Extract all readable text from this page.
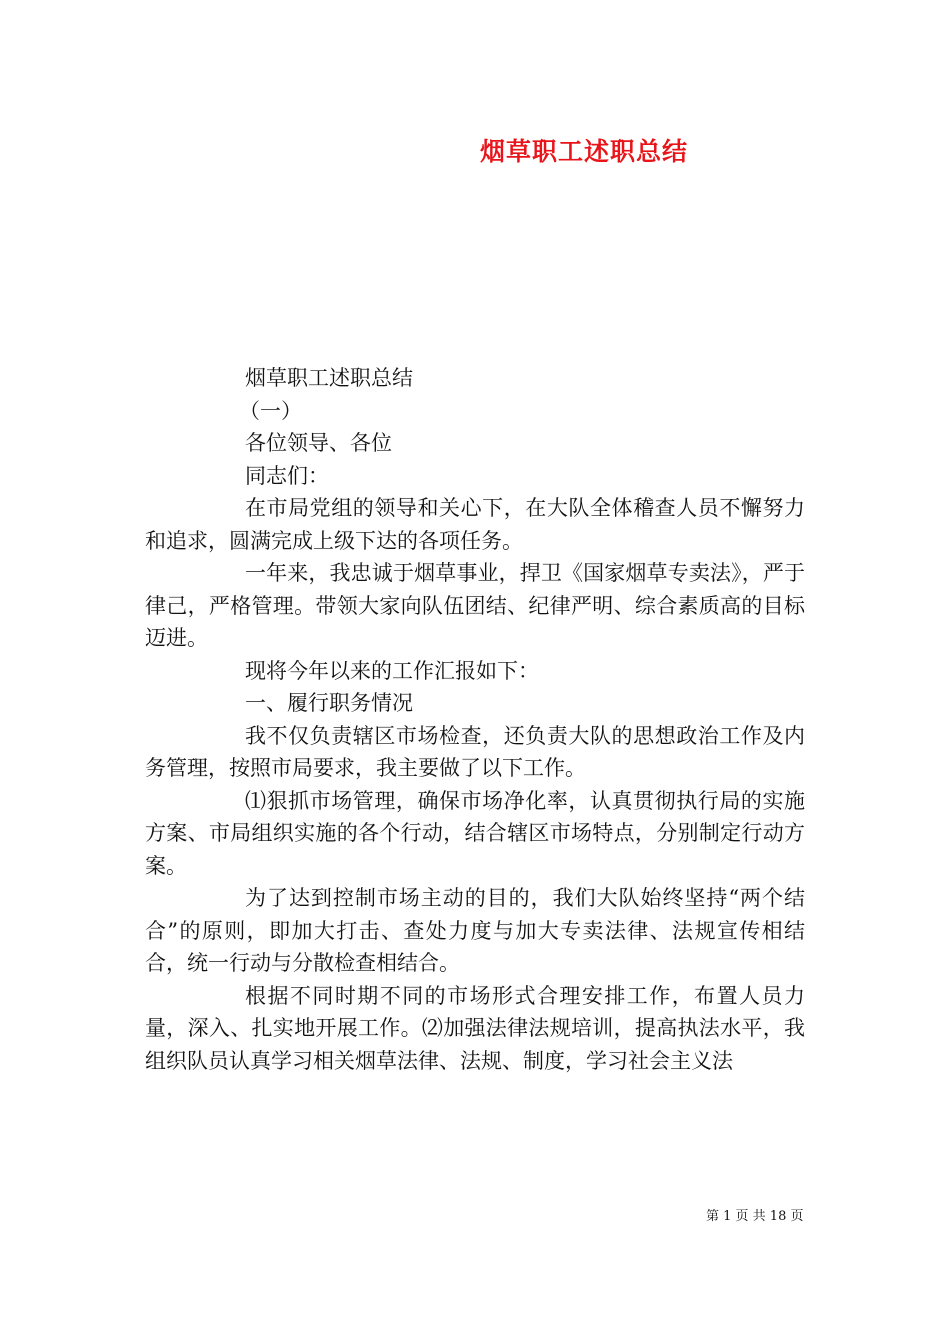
烟草职工述职总结

烟草职工述职总结

（一）

各位领导、各位

同志们：

在市局党组的领导和关心下，在大队全体稽查人员不懈努力和追求，圆满完成上级下达的各项任务。

一年来，我忠诚于烟草事业，捍卫《国家烟草专卖法》，严于律己，严格管理。带领大家向队伍团结、纪律严明、综合素质高的目标迈进。

现将今年以来的工作汇报如下：

一、履行职务情况

我不仅负责辖区市场检查，还负责大队的思想政治工作及内务管理，按照市局要求，我主要做了以下工作。

⑴狠抓市场管理，确保市场净化率，认真贯彻执行局的实施方案、市局组织实施的各个行动，结合辖区市场特点，分别制定行动方案。

为了达到控制市场主动的目的，我们大队始终坚持“两个结合”的原则，即加大打击、查处力度与加大专卖法律、法规宣传相结合，统一行动与分散检查相结合。

根据不同时期不同的市场形式合理安排工作，布置人员力量，深入、扎实地开展工作。⑵加强法律法规培训，提高执法水平，我组织队员认真学习相关烟草法律、法规、制度，学习社会主义法

第 1 页 共 18 页
